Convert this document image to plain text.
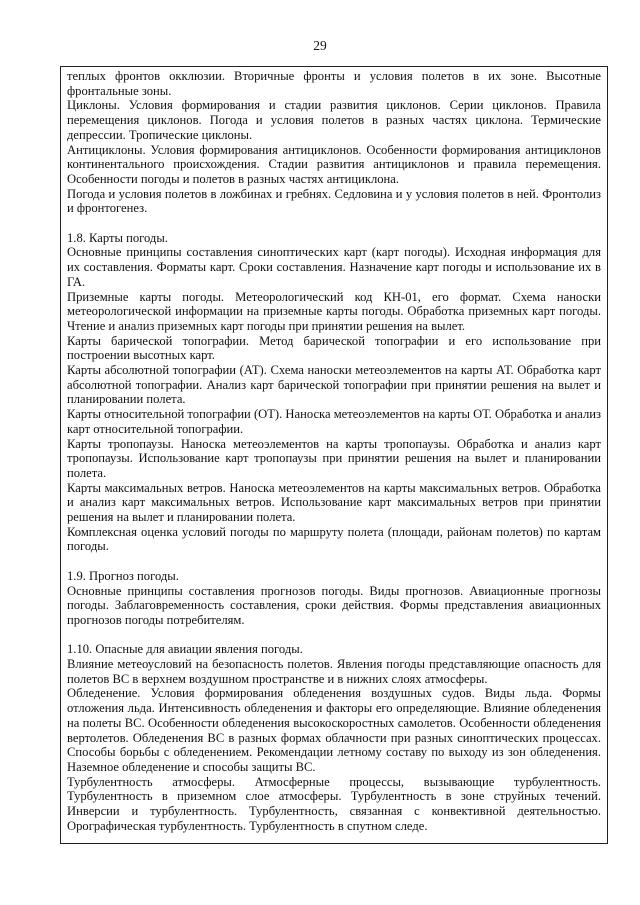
29

теплых фронтов окклюзии. Вторичные фронты и условия полетов в их зоне. Высотные фронтальные зоны.

Циклоны. Условия формирования и стадии развития циклонов. Серии циклонов. Правила перемещения циклонов. Погода и условия полетов в разных частях циклона. Термические депрессии. Тропические циклоны.

Антициклоны. Условия формирования антициклонов. Особенности формирования антициклонов континентального происхождения. Стадии развития антициклонов и правила перемещения. Особенности погоды и полетов в разных частях антициклона.

Погода и условия полетов в ложбинах и гребнях. Седловина и у условия полетов в ней. Фронтолиз и фронтогенез.

1.8. Карты погоды.

Основные принципы составления синоптических карт (карт погоды). Исходная информация для их составления. Форматы карт. Сроки составления. Назначение карт погоды и использование их в ГА.

Приземные карты погоды. Метеорологический код КН-01, его формат. Схема наноски метеорологической информации на приземные карты погоды. Обработка приземных карт погоды. Чтение и анализ приземных карт погоды при принятии решения на вылет.

Карты барической топографии. Метод барической топографии и его использование при построении высотных карт.

Карты абсолютной топографии (АТ). Схема наноски метеоэлементов на карты АТ. Обработка карт абсолютной топографии. Анализ карт барической топографии при принятии решения на вылет и планировании полета.

Карты относительной топографии (ОТ). Наноска метеоэлементов на карты ОТ. Обработка и анализ карт относительной топографии.

Карты тропопаузы. Наноска метеоэлементов на карты тропопаузы. Обработка и анализ карт тропопаузы. Использование карт тропопаузы при принятии решения на вылет и планировании полета.

Карты максимальных ветров. Наноска метеоэлементов на карты максимальных ветров. Обработка и анализ карт максимальных ветров. Использование карт максимальных ветров при принятии решения на вылет и планировании полета.

Комплексная оценка условий погоды по маршруту полета (площади, районам полетов) по картам погоды.

1.9. Прогноз погоды.

Основные принципы составления прогнозов погоды. Виды прогнозов. Авиационные прогнозы погоды. Заблаговременность составления, сроки действия. Формы представления авиационных прогнозов погоды потребителям.

1.10. Опасные для авиации явления погоды.

Влияние метеоусловий на безопасность полетов. Явления погоды представляющие опасность для полетов ВС в верхнем воздушном пространстве и в нижних слоях атмосферы.

Обледенение. Условия формирования обледенения воздушных судов. Виды льда. Формы отложения льда. Интенсивность обледенения и факторы его определяющие. Влияние обледенения на полеты ВС. Особенности обледенения высокоскоростных самолетов. Особенности обледенения вертолетов. Обледенения ВС в разных формах облачности при разных синоптических процессах. Способы борьбы с обледенением. Рекомендации летному составу по выходу из зон обледенения. Наземное обледенение и способы защиты ВС.

Турбулентность атмосферы. Атмосферные процессы, вызывающие турбулентность. Турбулентность в приземном слое атмосферы. Турбулентность в зоне струйных течений. Инверсии и турбулентность. Турбулентность, связанная с конвективной деятельностью. Орографическая турбулентность. Турбулентность в спутном следе.
